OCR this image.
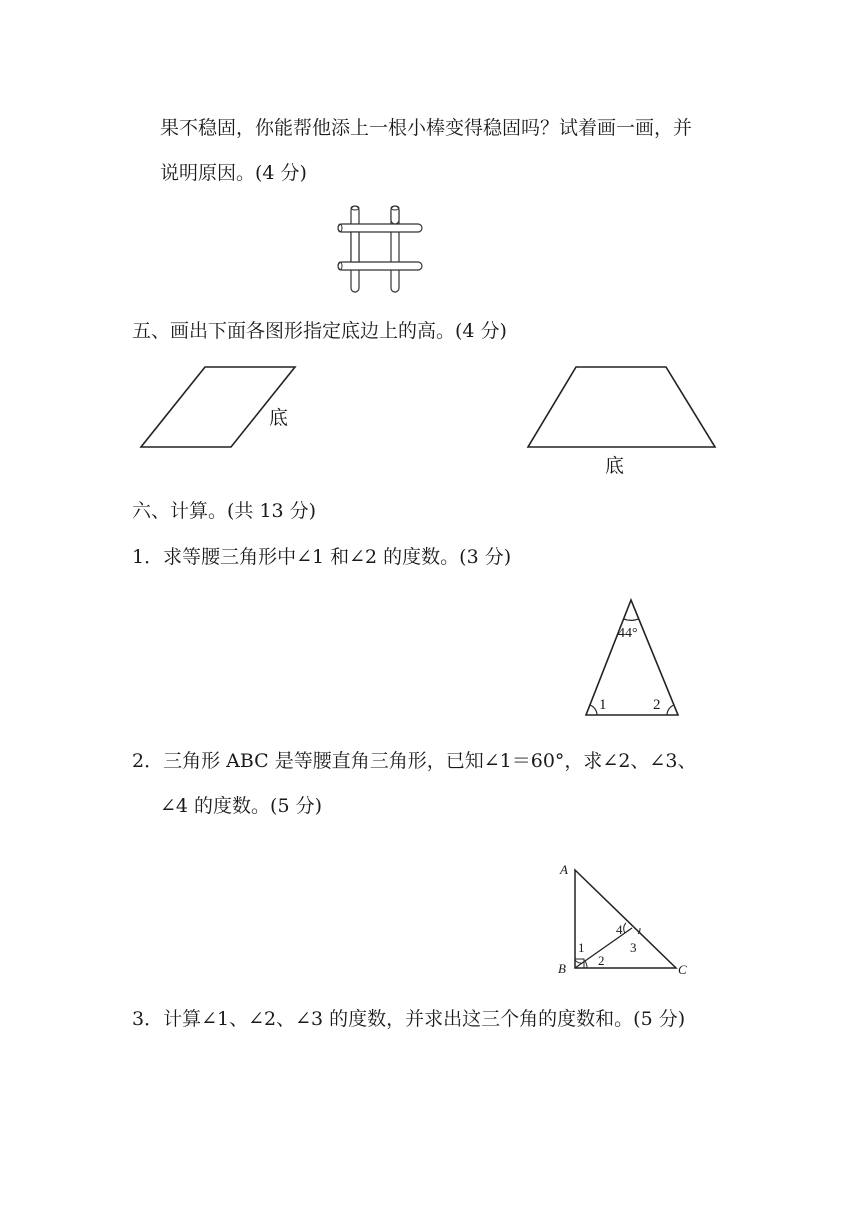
果不稳固，你能帮他添上一根小棒变得稳固吗？试着画一画，并
说明原因。(4 分)
五、画出下面各图形指定底边上的高。(4 分)
底
底
六、计算。(共 13 分)
1．求等腰三角形中∠1 和∠2 的度数。(3 分)
44°
1	2
2．三角形 ABC 是等腰直角三角形，已知∠1＝60°，求∠2、∠3、
∠4 的度数。(5 分)
A
B	C
1
2
3
4
3．计算∠1、∠2、∠3 的度数，并求出这三个角的度数和。(5 分)
